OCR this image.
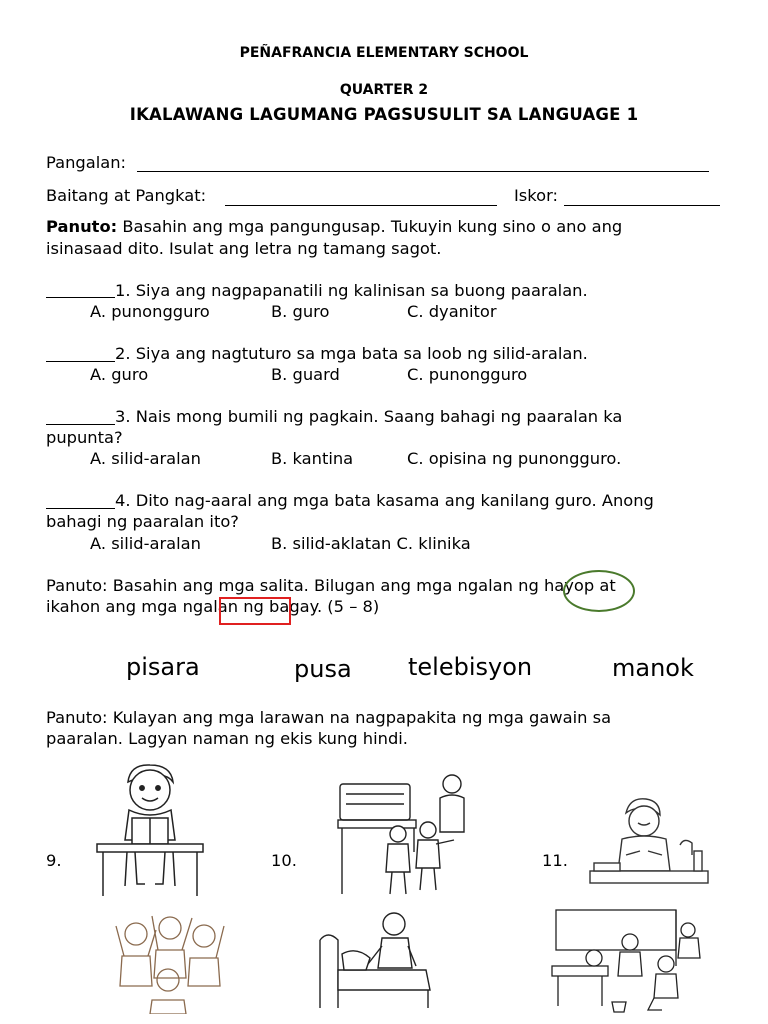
PEÑAFRANCIA ELEMENTARY SCHOOL
QUARTER 2
IKALAWANG LAGUMANG PAGSUSULIT SA LANGUAGE 1
Pangalan:
Baitang at Pangkat:	Iskor:
Panuto: Basahin ang mga pangungusap. Tukuyin kung sino o ano ang
isinasaad dito. Isulat ang letra ng tamang sagot.
1. Siya ang nagpapanatili ng kalinisan sa buong paaralan.
A. punongguro	B. guro	C. dyanitor
2. Siya ang nagtuturo sa mga bata sa loob ng silid-aralan.
A. guro	B. guard	C. punongguro
3. Nais mong bumili ng pagkain. Saang bahagi ng paaralan ka
pupunta?
A. silid-aralan	B. kantina	C. opisina ng punongguro.
4. Dito nag-aaral ang mga bata kasama ang kanilang guro. Anong
bahagi ng paaralan ito?
A. silid-aralan	B. silid-aklatan C. klinika
Panuto: Basahin ang mga salita. Bilugan ang mga ngalan ng hayop at
ikahon ang mga ngalan ng bagay. (5 – 8)
pisara	pusa telebisyon	manok
Panuto: Kulayan ang mga larawan na nagpapakita ng mga gawain sa
paaralan. Lagyan naman ng ekis kung hindi.
9.	10.	11.
